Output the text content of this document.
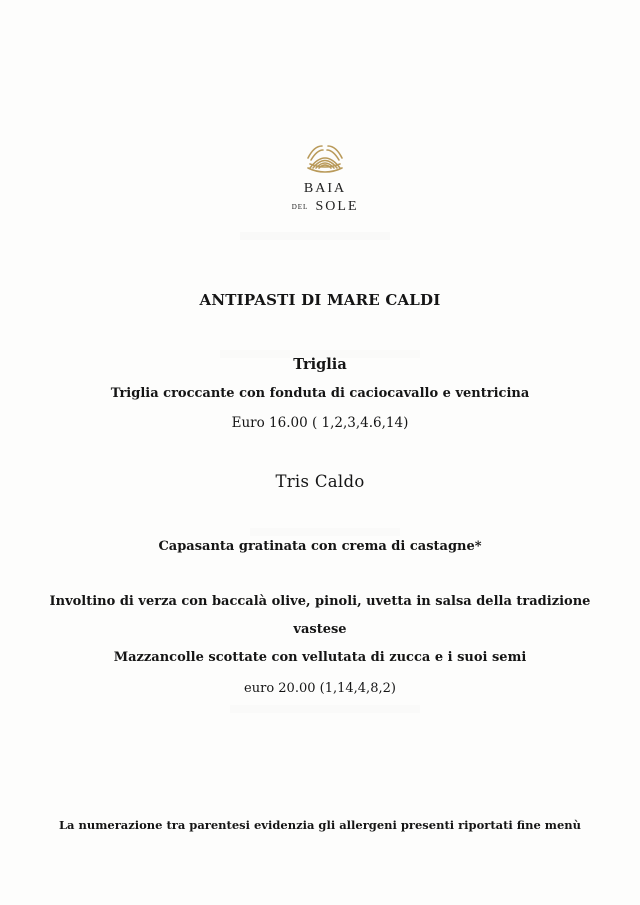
BAIA
DEL SOLE
ANTIPASTI DI MARE CALDI
Triglia
Triglia croccante con fonduta di caciocavallo e ventricina
Euro 16.00 ( 1,2,3,4.6,14)
Tris Caldo
Capasanta gratinata con crema di castagne*
Involtino di verza con baccalà olive, pinoli, uvetta in salsa della tradizione
vastese
Mazzancolle scottate con vellutata di zucca e i suoi semi
euro 20.00 (1,14,4,8,2)
La numerazione tra parentesi evidenzia gli allergeni presenti riportati fine menù
